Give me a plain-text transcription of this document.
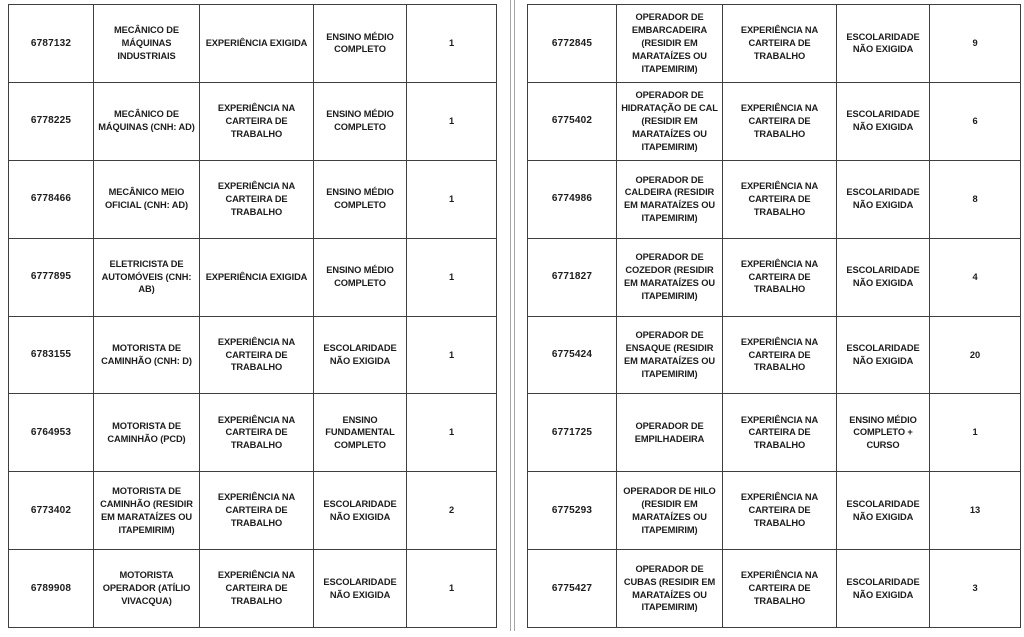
6787132
MECÂNICO DE MÁQUINAS INDUSTRIAIS
EXPERIÊNCIA EXIGIDA
ENSINO MÉDIO COMPLETO
1
6778225
MECÂNICO DE MÁQUINAS (CNH: AD)
EXPERIÊNCIA NA CARTEIRA DE TRABALHO
ENSINO MÉDIO COMPLETO
1
6778466
MECÂNICO MEIO OFICIAL (CNH: AD)
EXPERIÊNCIA NA CARTEIRA DE TRABALHO
ENSINO MÉDIO COMPLETO
1
6777895
ELETRICISTA DE AUTOMÓVEIS (CNH: AB)
EXPERIÊNCIA EXIGIDA
ENSINO MÉDIO COMPLETO
1
6783155
MOTORISTA DE CAMINHÃO (CNH: D)
EXPERIÊNCIA NA CARTEIRA DE TRABALHO
ESCOLARIDADE NÃO EXIGIDA
1
6764953
MOTORISTA DE CAMINHÃO (PCD)
EXPERIÊNCIA NA CARTEIRA DE TRABALHO
ENSINO FUNDAMENTAL COMPLETO
1
6773402
MOTORISTA DE CAMINHÃO (RESIDIR EM MARATAÍZES OU ITAPEMIRIM)
EXPERIÊNCIA NA CARTEIRA DE TRABALHO
ESCOLARIDADE NÃO EXIGIDA
2
6789908
MOTORISTA OPERADOR (ATÍLIO VIVACQUA)
EXPERIÊNCIA NA CARTEIRA DE TRABALHO
ESCOLARIDADE NÃO EXIGIDA
1
6772845
OPERADOR DE EMBARCADEIRA (RESIDIR EM MARATAÍZES OU ITAPEMIRIM)
EXPERIÊNCIA NA CARTEIRA DE TRABALHO
ESCOLARIDADE NÃO EXIGIDA
9
6775402
OPERADOR DE HIDRATAÇÃO DE CAL (RESIDIR EM MARATAÍZES OU ITAPEMIRIM)
EXPERIÊNCIA NA CARTEIRA DE TRABALHO
ESCOLARIDADE NÃO EXIGIDA
6
6774986
OPERADOR DE CALDEIRA (RESIDIR EM MARATAÍZES OU ITAPEMIRIM)
EXPERIÊNCIA NA CARTEIRA DE TRABALHO
ESCOLARIDADE NÃO EXIGIDA
8
6771827
OPERADOR DE COZEDOR (RESIDIR EM MARATAÍZES OU ITAPEMIRIM)
EXPERIÊNCIA NA CARTEIRA DE TRABALHO
ESCOLARIDADE NÃO EXIGIDA
4
6775424
OPERADOR DE ENSAQUE (RESIDIR EM MARATAÍZES OU ITAPEMIRIM)
EXPERIÊNCIA NA CARTEIRA DE TRABALHO
ESCOLARIDADE NÃO EXIGIDA
20
6771725
OPERADOR DE EMPILHADEIRA
EXPERIÊNCIA NA CARTEIRA DE TRABALHO
ENSINO MÉDIO COMPLETO + CURSO
1
6775293
OPERADOR DE HILO (RESIDIR EM MARATAÍZES OU ITAPEMIRIM)
EXPERIÊNCIA NA CARTEIRA DE TRABALHO
ESCOLARIDADE NÃO EXIGIDA
13
6775427
OPERADOR DE CUBAS (RESIDIR EM MARATAÍZES OU ITAPEMIRIM)
EXPERIÊNCIA NA CARTEIRA DE TRABALHO
ESCOLARIDADE NÃO EXIGIDA
3
